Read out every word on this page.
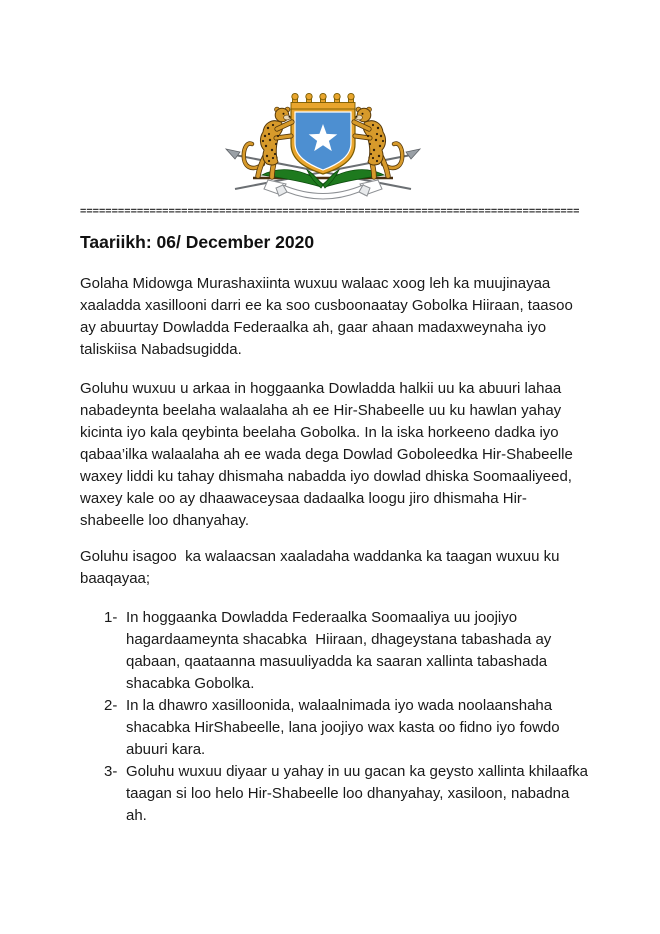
===============================================================================
Taariikh: 06/ December 2020

Golaha Midowga Murashaxiinta wuxuu walaac xoog leh ka muujinayaa xaaladda xasillooni darri ee ka soo cusboonaatay Gobolka Hiiraan, taasoo ay abuurtay Dowladda Federaalka ah, gaar ahaan madaxweynaha iyo taliskiisa Nabadsugidda.

Goluhu wuxuu u arkaa in hoggaanka Dowladda halkii uu ka abuuri lahaa nabadeynta beelaha walaalaha ah ee Hir-Shabeelle uu ku hawlan yahay kicinta iyo kala qeybinta beelaha Gobolka. In la iska horkeeno dadka iyo qabaa’ilka walaalaha ah ee wada dega Dowlad Goboleedka Hir-Shabeelle waxey liddi ku tahay dhismaha nabadda iyo dowlad dhiska Soomaaliyeed, waxey kale oo ay dhaawaceysaa dadaalka loogu jiro dhismaha Hir-shabeelle loo dhanyahay.

Goluhu isagoo  ka walaacsan xaaladaha waddanka ka taagan wuxuu ku baaqayaa;

1- In hoggaanka Dowladda Federaalka Soomaaliya uu joojiyo hagardaameynta shacabka  Hiiraan, dhageystana tabashada ay qabaan, qaataanna masuuliyadda ka saaran xallinta tabashada shacabka Gobolka.
2- In la dhawro xasilloonida, walaalnimada iyo wada noolaanshaha shacabka HirShabeelle, lana joojiyo wax kasta oo fidno iyo fowdo abuuri kara.
3- Goluhu wuxuu diyaar u yahay in uu gacan ka geysto xallinta khilaafka taagan si loo helo Hir-Shabeelle loo dhanyahay, xasiloon, nabadna ah.
